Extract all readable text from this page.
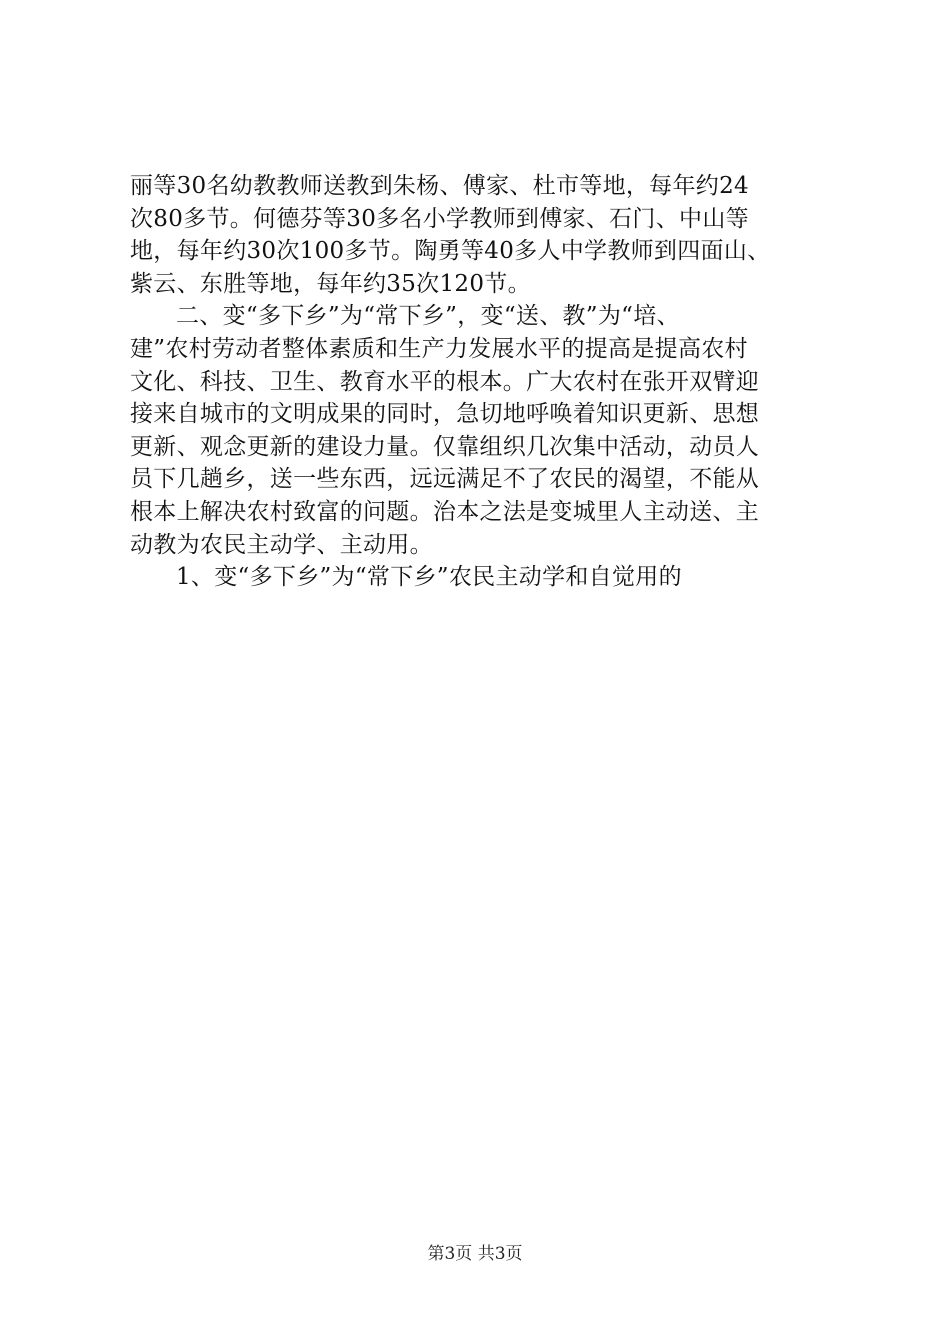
丽等30名幼教教师送教到朱杨、傅家、杜市等地，每年约24
次80多节。何德芬等30多名小学教师到傅家、石门、中山等
地，每年约30次100多节。陶勇等40多人中学教师到四面山、
紫云、东胜等地，每年约35次120节。
二、变“多下乡”为“常下乡”，变“送、教”为“培、
建”农村劳动者整体素质和生产力发展水平的提高是提高农村
文化、科技、卫生、教育水平的根本。广大农村在张开双臂迎
接来自城市的文明成果的同时，急切地呼唤着知识更新、思想
更新、观念更新的建设力量。仅靠组织几次集中活动，动员人
员下几趟乡，送一些东西，远远满足不了农民的渴望，不能从
根本上解决农村致富的问题。治本之法是变城里人主动送、主
动教为农民主动学、主动用。
1、变“多下乡”为“常下乡”农民主动学和自觉用的
第3页 共3页
